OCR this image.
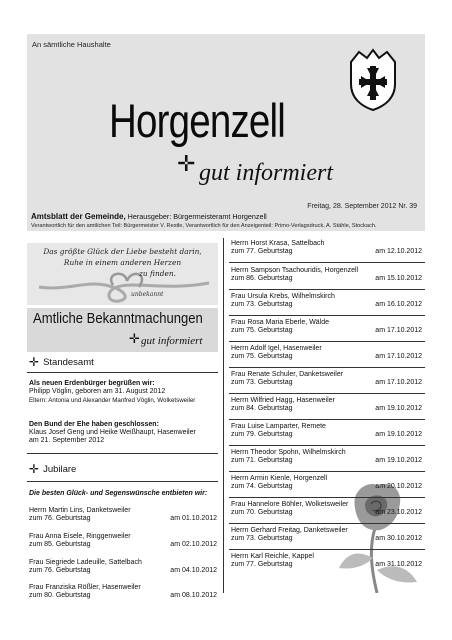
An sämtliche Haushalte
Horgenzell
✛ gut informiert
Freitag, 28. September 2012 Nr. 39
Amtsblatt der Gemeinde, Herausgeber: Bürgermeisteramt Horgenzell
Verantwortlich für den amtlichen Teil: Bürgermeister V. Restle, Verantwortlich für den Anzeigenteil: Primo-Verlagsdruck, A. Stähle, Stockach.
Das größte Glück der Liebe besteht darin,
Ruhe in einem anderen Herzen
zu finden.
unbekannt
Amtliche Bekanntmachungen
✛ gut informiert
✛ Standesamt
Als neuen Erdenbürger begrüßen wir:
Philipp Vöglin, geboren am 31. August 2012
Eltern: Antonia und Alexander Manfred Vöglin, Wolketsweiler
Den Bund der Ehe haben geschlossen:
Klaus Josef Geng und Heike Weißhaupt, Hasenweiler
am 21. September 2012
✛ Jubilare
Die besten Glück- und Segenswünsche entbieten wir:
Herrn Martin Lins, Danketsweiler
zum 76. Geburtstag	am 01.10.2012
Frau Anna Eisele, Ringgenweiler
zum 85. Geburtstag	am 02.10.2012
Frau Siegriede Ladeuille, Sattelbach
zum 76. Geburtstag	am 04.10.2012
Frau Franziska Rößler, Hasenweiler
zum 80. Geburtstag	am 08.10.2012
Herrn Horst Krasa, Sattelbach
zum 77. Geburtstag	am 12.10.2012
Herrn Sampson Tsachouridis, Horgenzell
zum 86. Geburtstag	am 15.10.2012
Frau Ursula Krebs, Wilhelmskirch
zum 73. Geburtstag	am 16.10.2012
Frau Rosa Maria Eberle, Wälde
zum 75. Geburtstag	am 17.10.2012
Herrn Adolf Igel, Hasenweiler
zum 75. Geburtstag	am 17.10.2012
Frau Renate Schuler, Danketsweiler
zum 73. Geburtstag	am 17.10.2012
Herrn Wilfried Hagg, Hasenweiler
zum 84. Geburtstag	am 19.10.2012
Frau Luise Lamparter, Remete
zum 79. Geburtstag	am 19.10.2012
Herrn Theodor Spohn, Wilhelmskirch
zum 71. Geburtstag	am 19.10.2012
Herrn Armin Kienle, Horgenzell
zum 74. Geburtstag	am 20.10.2012
Frau Hannelore Böhler, Wolketsweiler
zum 70. Geburtstag	am 23.10.2012
Herrn Gerhard Freitag, Danketsweiler
zum 73. Geburtstag	am 30.10.2012
Herrn Karl Reichle, Kappel
zum 77. Geburtstag	am 31.10.2012
